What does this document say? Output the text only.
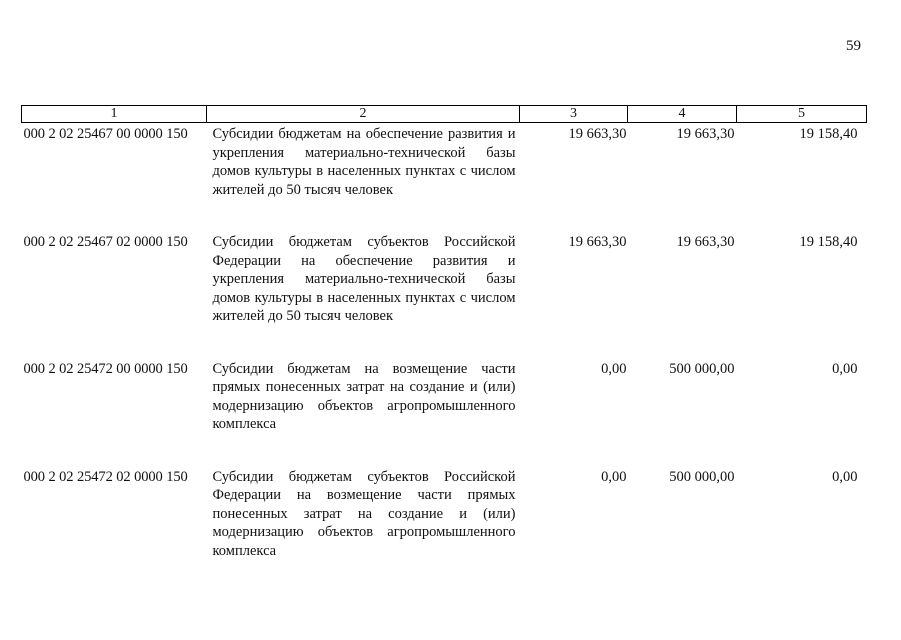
59
1	2	3	4	5
000 2 02 25467 00 0000 150	Субсидии бюджетам на обеспечение развития и укрепления материально-технической базы домов культуры в населенных пунктах с числом жителей до 50 тысяч человек	19 663,30	19 663,30	19 158,40
000 2 02 25467 02 0000 150	Субсидии бюджетам субъектов Российской Федерации на обеспечение развития и укрепления материально-технической базы домов культуры в населенных пунктах с числом жителей до 50 тысяч человек	19 663,30	19 663,30	19 158,40
000 2 02 25472 00 0000 150	Субсидии бюджетам на возмещение части прямых понесенных затрат на создание и (или) модернизацию объектов агропромышленного комплекса	0,00	500 000,00	0,00
000 2 02 25472 02 0000 150	Субсидии бюджетам субъектов Российской Федерации на возмещение части прямых понесенных затрат на создание и (или) модернизацию объектов агропромышленного комплекса	0,00	500 000,00	0,00
